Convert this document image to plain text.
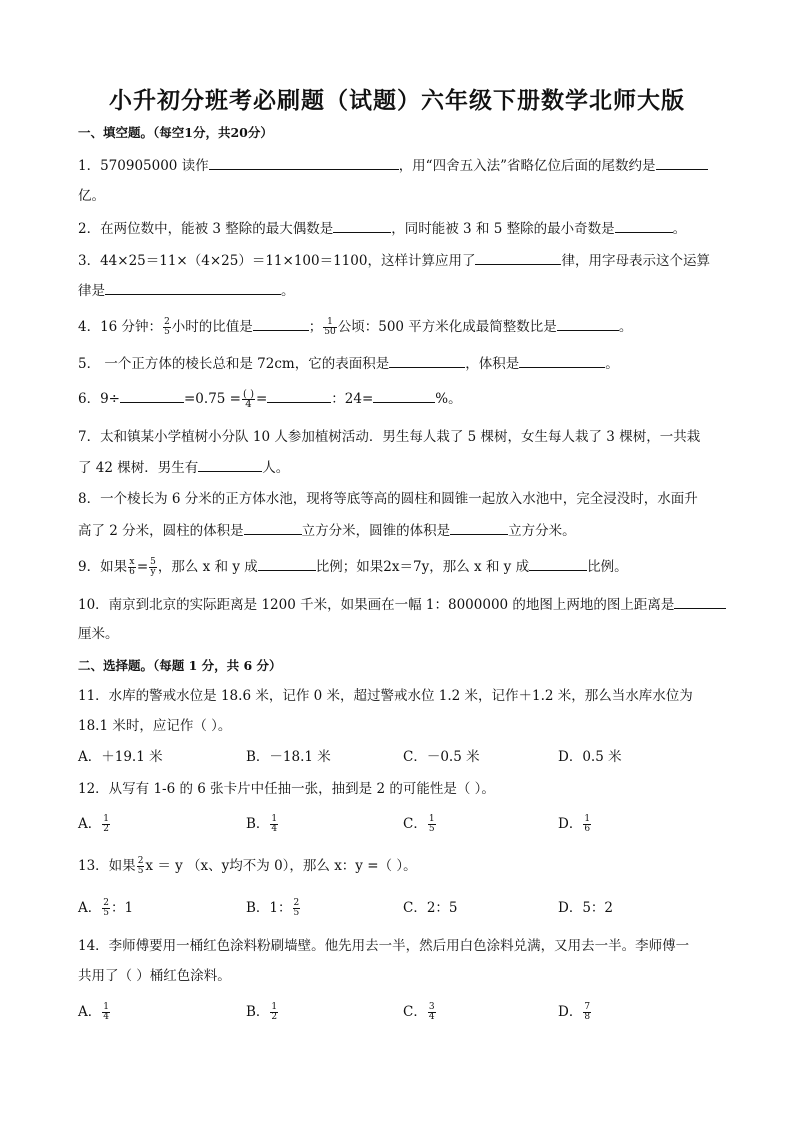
小升初分班考必刷题（试题）六年级下册数学北师大版
一、填空题。（每空1分，共20分）
1．570905000 读作	，用“四舍五入法”省略亿位后面的尾数约是
亿。
2．在两位数中，能被 3 整除的最大偶数是	，同时能被 3 和 5 整除的最小奇数是	。
3．44×25＝11×（4×25）＝11×100＝1100，这样计算应用了	律，用字母表示这个运算
律是	。
4．16 分钟： $\frac{2}{5}$ 小时的比值是	； $\frac{1}{50}$ 公顷：500 平方米化成最简整数比是	。
5． 一个正方体的棱长总和是 72cm，它的表面积是	，体积是	。
6．9÷	$=0.75 = \frac{( )}{4}$ =	：24=	%。
7．太和镇某小学植树小分队 10 人参加植树活动．男生每人栽了 5 棵树，女生每人栽了 3 棵树，一共栽
了 42 棵树．男生有	人。
8．一个棱长为 6 分米的正方体水池，现将等底等高的圆柱和圆锥一起放入水池中，完全浸没时，水面升
高了 2 分米，圆柱的体积是	立方分米，圆锥的体积是	立方分米。
9．如果 $\frac{x}{6} = \frac{5}{y}$ ，那么 x 和 y 成	比例；如果2x＝7y，那么 x 和 y 成	比例。
10．南京到北京的实际距离是 1200 千米，如果画在一幅 1：8000000 的地图上两地的图上距离是
厘米。
二、选择题。（每题 1 分，共 6 分）
11．水库的警戒水位是 18.6 米，记作 0 米，超过警戒水位 1.2 米，记作＋1.2 米，那么当水库水位为
18.1 米时，应记作（ ）。
A．＋19.1 米	B．－18.1 米	C．－0.5 米	D．0.5 米
12．从写有 1-6 的 6 张卡片中任抽一张，抽到是 2 的可能性是（ ）。
A． $\frac{1}{2}$	B． $\frac{1}{4}$	C． $\frac{1}{5}$	D． $\frac{1}{6}$
13．如果 $\frac{2}{5}$ x ＝ y （x、y均不为 0），那么 x：y =（ ）。
A． $\frac{2}{5}$ ：1	B．1： $\frac{2}{5}$	C．2：5	D．5：2
14．李师傅要用一桶红色涂料粉刷墙壁。他先用去一半，然后用白色涂料兑满，又用去一半。李师傅一
共用了（ ）桶红色涂料。
A． $\frac{1}{4}$	B． $\frac{1}{2}$	C． $\frac{3}{4}$	D． $\frac{7}{8}$
